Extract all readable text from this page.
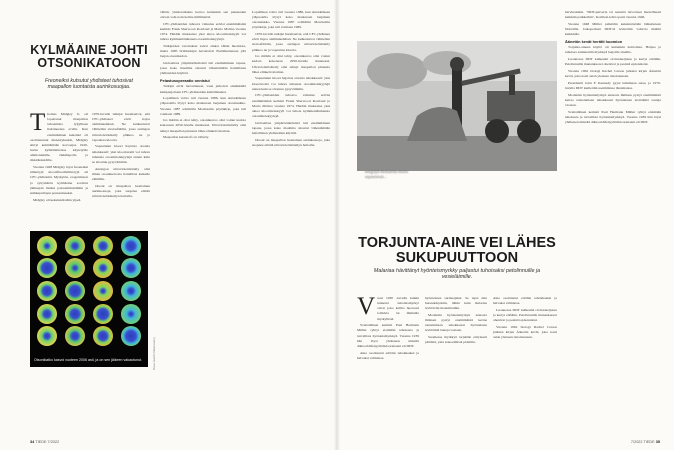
KYLMÄAINE JOHTI OTSONIKATOON
Freoneiksi kutsutut yhdisteet tuhosivat maapallon luontaista aurinkosuojaa.

Thomas Midgley Jr. oli lopettanut maapallon tuhoamista lyijyllisen lisäaineensa avulla. Kun ensimmäinen keksintö oli osoittautunut menestykseksi, Midgley siirtyi kehittämään korvaajaa 1920-luvun kylmälaitteissa käytetyille ammoniakille, rikkihapolle ja rikkidioksidille.

Vuonna 1928 Midgley löysi freoneiksi nimettyjä kloorifluorihiilivetyjä eli CFC-yhdisteitä. Myrkytön, reagoimaton ja syttymätön kylmäaine soveltui jääkaapin lisäksi palosammuttimiin ja suihkepullojen ponneaineeksi.

Midgley oli keksinnöistään ylpeä.

1970-luvulla tutkijat huomasivat, että CFC-yhdisteet eivät hajoa alailmakehässä. Ne kulkeutuvat vähitellen stratosfääriin, jossa auringon ultraviolettisäteily pilkkoo ne ja vapauttaa klooria.

Vapautunut kloori hajottaa otsonia tehokkaasti: yksi klooriatomi voi tuhota tuhansia otsonimolekyylejä ennen kuin se sitoutuu pysyvämmin.

Auringon ultraviolettisäteily olisi ilman otsonikerrosta haitallista kaikelle elämälle.

Otsoni on maapallon luontainen aurinkosuoja, joka suojelee eliöitä ultraviolettisäteilyn haitoilta.

Otsonikatko kasvoi vuoteen 2006 asti, ja on sen jälkeen vakautunut.	Kuva: Earth Observatory

vähän; yhteisvaikutus kertoo kuitenkin sen paksuuden olevan vain noin kolme millimetriä.

CFC-yhdisteiden tuhoava vaikutus selvisi ensimmäisinä kemisti Frank Sherwood Rowland ja Mario Molina vuonna 1974. Heidän mukaansa yksi ainoa kloorimolekyyli voi tuhota kymmeniätuhansia otsonimolekyylejä.

Tutkijoiden varoitukset saivat aluksi vähän huomiota, mutta 1985 brittitutkijat havaitsivat Etelämantereen yllä laajan otsonikadon.

Globaalista ympäristökriisistä tuli ensimmäinen tapaus, jossa koko maailma sitoutui vähentämään haitallisten yhdisteiden käyttöä.

Pelastusoperaatio onnistui

Tutkijat eivät luovuttaneet, vaan jatkoivat sinnikkäitä kampanjoitaan CFC-yhdisteiden kieltämiseksi.

Lopullinen voitto tuli vuonna 1986, kun Antarktiksen yläpuolella löytyi koko mantereen laajuinen otsoniaukko. Vuonna 1987 solmittiin Montrealin pöytäkirja, joka tuli voimaan 1989.

Jos mitään ei olisi tehty, otsonikerros olisi voinut kadota kokonaan 2050-luvulle mennessä. Ultraviolettisäteily olisi tehnyt maapallon pinnasta lähes elinkelvottoman.

Maapallon katastrofi on vältetty.

Lopullinen voitto tuli vuonna 1986, kun Antarktiksen yläpuolella löytyi koko mantereen laajuinen otsoniaukko. Vuonna 1987 solmittiin Montrealin pöytäkirja, joka tuli voimaan 1989.

1970-luvulla tutkijat huomasivat, että CFC-yhdisteet eivät hajoa alailmakehässä. Ne kulkeutuvat vähitellen stratosfääriin, jossa auringon ultraviolettisäteily pilkkoo ne ja vapauttaa klooria.

Jos mitään ei olisi tehty, otsonikerros olisi voinut kadota kokonaan 2050-luvulle mennessä. Ultraviolettisäteily olisi tehnyt maapallon pinnasta lähes elinkelvottoman.

Vapautunut kloori hajottaa otsonia tehokkaasti: yksi klooriatomi voi tuhota tuhansia otsonimolekyylejä ennen kuin se sitoutuu pysyvämmin.

CFC-yhdisteiden tuhoava vaikutus selvisi ensimmäisinä kemisti Frank Sherwood Rowland ja Mario Molina vuonna 1974. Heidän mukaansa yksi ainoa kloorimolekyyli voi tuhota kymmeniätuhansia otsonimolekyylejä.

Globaalista ympäristökriisistä tuli ensimmäinen tapaus, jossa koko maailma sitoutui vähentämään haitallisten yhdisteiden käyttöä.

Otsoni on maapallon luontainen aurinkosuoja, joka suojelee eliöitä ultraviolettisäteilyn haitoilta.

34 TIEDE 7/2022
Midgleyn kehittämät freonit vapautuivat...
TORJUNTA-AINE VEI LÄHES SUKUPUUTTOON
Malariaa hävittänyt hyönteismyrkky paljastui tuhoisaksi petolinnuille ja vesieläimille.

Vuosi 1930 -luvulla kaikki tunnetut tuholaismyrkyt olivat joko kallita huonosti toimivia tai ihmisille myrkyllisiä.

Sveitsiläinen kemisti Paul Hermann Müller ryhtyi etsimään tehokasta ja turvallista hyönteismyrkkyä. Vuonna 1939 hän löysi yhdisteen nimeltä diklooridifenyylitrikloorietaani eli DDT.

Aine osoittautui erittäin tehokkaaksi ja halvaksi valmistaa.

hyönteisten surmaajaksi. Se tepsi niin huonekärpäsiin, täihin kuin malariaa levittäviin moskiittoihin.

Modernin hyönteismyrkyn ansiosta ihmisen pystyi ensimmäistä kertaa taistelemaan tehokkaasti hyönteisten levittämiä tauteja vastaan.

Suomessa myrkkyä torjuttiin erityisesti päätäitä, joita kokoelmistä pidettiin.

Aine osoittautui erittäin tehokkaaksi ja halvaksi valmistaa.

Luonnossa DDT kulkeutui ravintoketjussa ja kertyi eliöihin. Petolinnuilla munankuoret ohenivat ja pesintä epäonnistui.

Vuonna 1962 biologi Rachel Carson julkaisi kirjan Äänetön kevät, joka nosti asian yleiseen tietoisuuteen.

harvinaisiksi. "DDT-puiveria tai nestettä lievottaen huolellisesti kaikkiin paikkoihin", Kotiliesi-lehti opasti vuonna 1946.

Vuonna 1948 Müller palkittiin keksinnöstään lääketieteen Nobelilla. Jatkoperässä DDT:tä levitettiin valtavia määriä kaikkialle.

Äänetön kevät herätti huomion

Torjunta-aineen käyttö oli kuitenkin hoittomaa. Halpaa ja tuhoisaa sumutettiin myrkkyä laajoille alueille.

Luonnossa DDT kulkeutui ravintoketjussa ja kertyi eliöihin. Petolinnuilla munankuoret ohenivat ja pesintä epäonnistui.

Vuonna 1962 biologi Rachel Carson julkaisi kirjan Äänetön kevät, joka nosti asian yleiseen tietoisuuteen.

Presidentti John F. Kennedy pyysi tutkimaan asiaa, ja 1970-luvulla DDT kiellettiin useimmissa länsimaissa.

Modernin hyönteismyrkyn ansiosta ihmisen pystyi ensimmäistä kertaa taistelemaan tehokkaasti hyönteisten levittämiä tauteja vastaan.

Sveitsiläinen kemisti Paul Hermann Müller ryhtyi etsimään tehokasta ja turvallista hyönteismyrkkyä. Vuonna 1939 hän löysi yhdisteen nimeltä diklooridifenyylitrikloorietaani eli DDT.

7/2022 TIEDE 35
